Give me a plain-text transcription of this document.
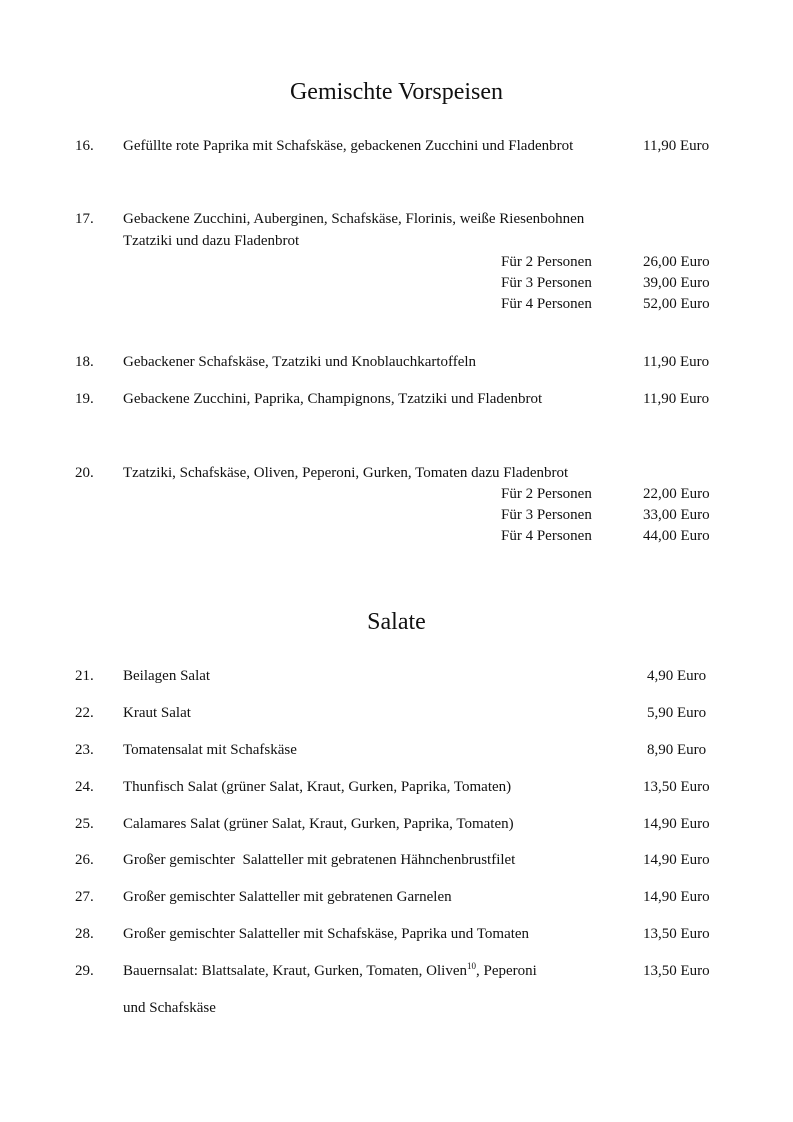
Gemischte Vorspeisen
16. Gefüllte rote Paprika mit Schafskäse, gebackenen Zucchini und Fladenbrot	11,90 Euro
17. Gebackene Zucchini, Auberginen, Schafskäse, Florinis, weiße Riesenbohnen
Tzatziki und dazu Fladenbrot
Für 2 Personen	26,00 Euro
Für 3 Personen	39,00 Euro
Für 4 Personen	52,00 Euro
18. Gebackener Schafskäse, Tzatziki und Knoblauchkartoffeln	11,90 Euro
19. Gebackene Zucchini, Paprika, Champignons, Tzatziki und Fladenbrot	11,90 Euro
20. Tzatziki, Schafskäse, Oliven, Peperoni, Gurken, Tomaten dazu Fladenbrot
Für 2 Personen	22,00 Euro
Für 3 Personen	33,00 Euro
Für 4 Personen	44,00 Euro
Salate
21. Beilagen Salat	4,90 Euro
22. Kraut Salat	5,90 Euro
23. Tomatensalat mit Schafskäse	8,90 Euro
24. Thunfisch Salat (grüner Salat, Kraut, Gurken, Paprika, Tomaten)	13,50 Euro
25. Calamares Salat (grüner Salat, Kraut, Gurken, Paprika, Tomaten)	14,90 Euro
26. Großer gemischter  Salatteller mit gebratenen Hähnchenbrustfilet	14,90 Euro
27. Großer gemischter Salatteller mit gebratenen Garnelen	14,90 Euro
28. Großer gemischter Salatteller mit Schafskäse, Paprika und Tomaten	13,50 Euro
29. Bauernsalat: Blattsalate, Kraut, Gurken, Tomaten, Oliven$^{10}$, Peperoni	13,50 Euro
und Schafskäse
